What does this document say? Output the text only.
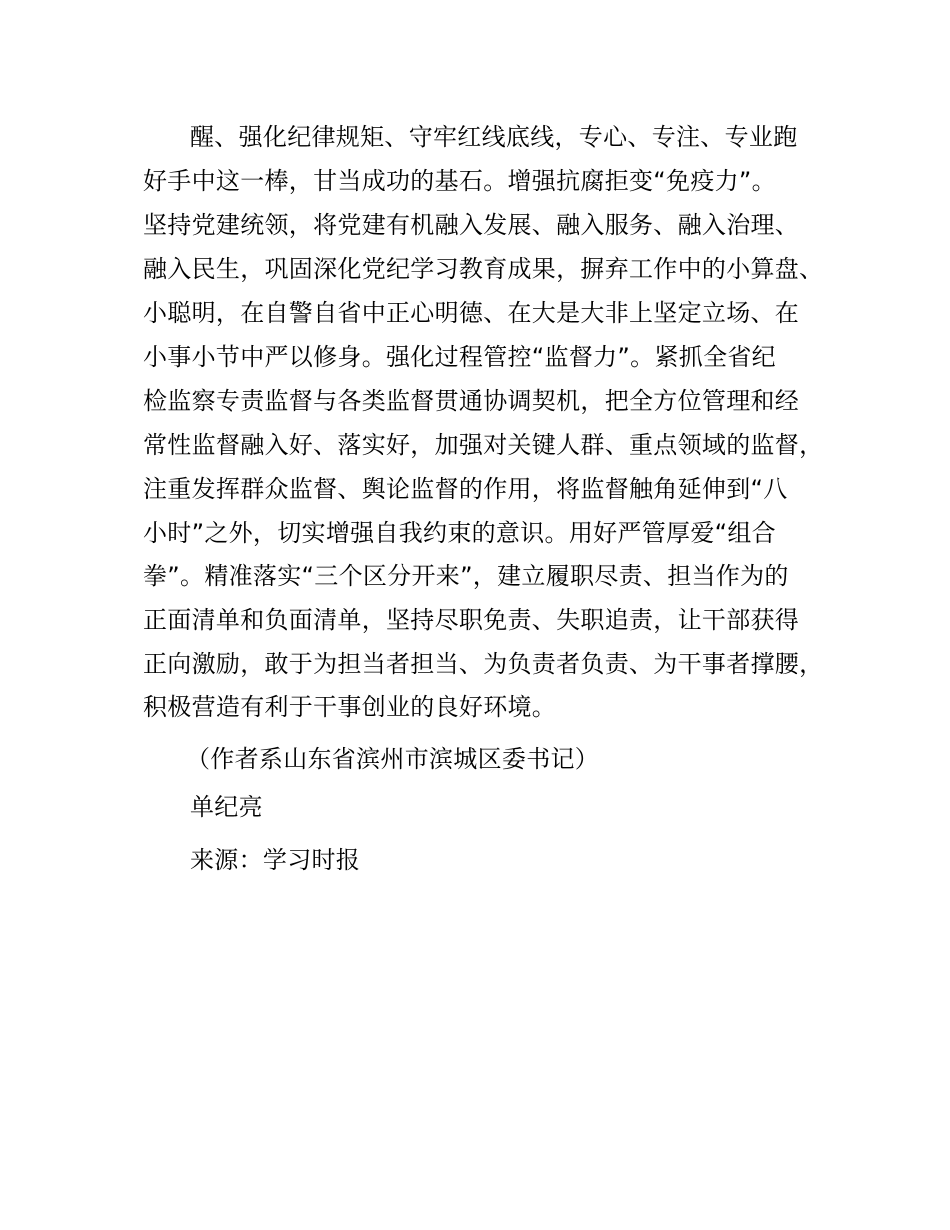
醒、强化纪律规矩、守牢红线底线，专心、专注、专业跑
好手中这一棒，甘当成功的基石。增强抗腐拒变“免疫力”。
坚持党建统领，将党建有机融入发展、融入服务、融入治理、
融入民生，巩固深化党纪学习教育成果，摒弃工作中的小算盘、
小聪明，在自警自省中正心明德、在大是大非上坚定立场、在
小事小节中严以修身。强化过程管控“监督力”。紧抓全省纪
检监察专责监督与各类监督贯通协调契机，把全方位管理和经
常性监督融入好、落实好，加强对关键人群、重点领域的监督，
注重发挥群众监督、舆论监督的作用，将监督触角延伸到“八
小时”之外，切实增强自我约束的意识。用好严管厚爱“组合
拳”。精准落实“三个区分开来”，建立履职尽责、担当作为的
正面清单和负面清单，坚持尽职免责、失职追责，让干部获得
正向激励，敢于为担当者担当、为负责者负责、为干事者撑腰，
积极营造有利于干事创业的良好环境。
（作者系山东省滨州市滨城区委书记）
单纪亮
来源：学习时报
